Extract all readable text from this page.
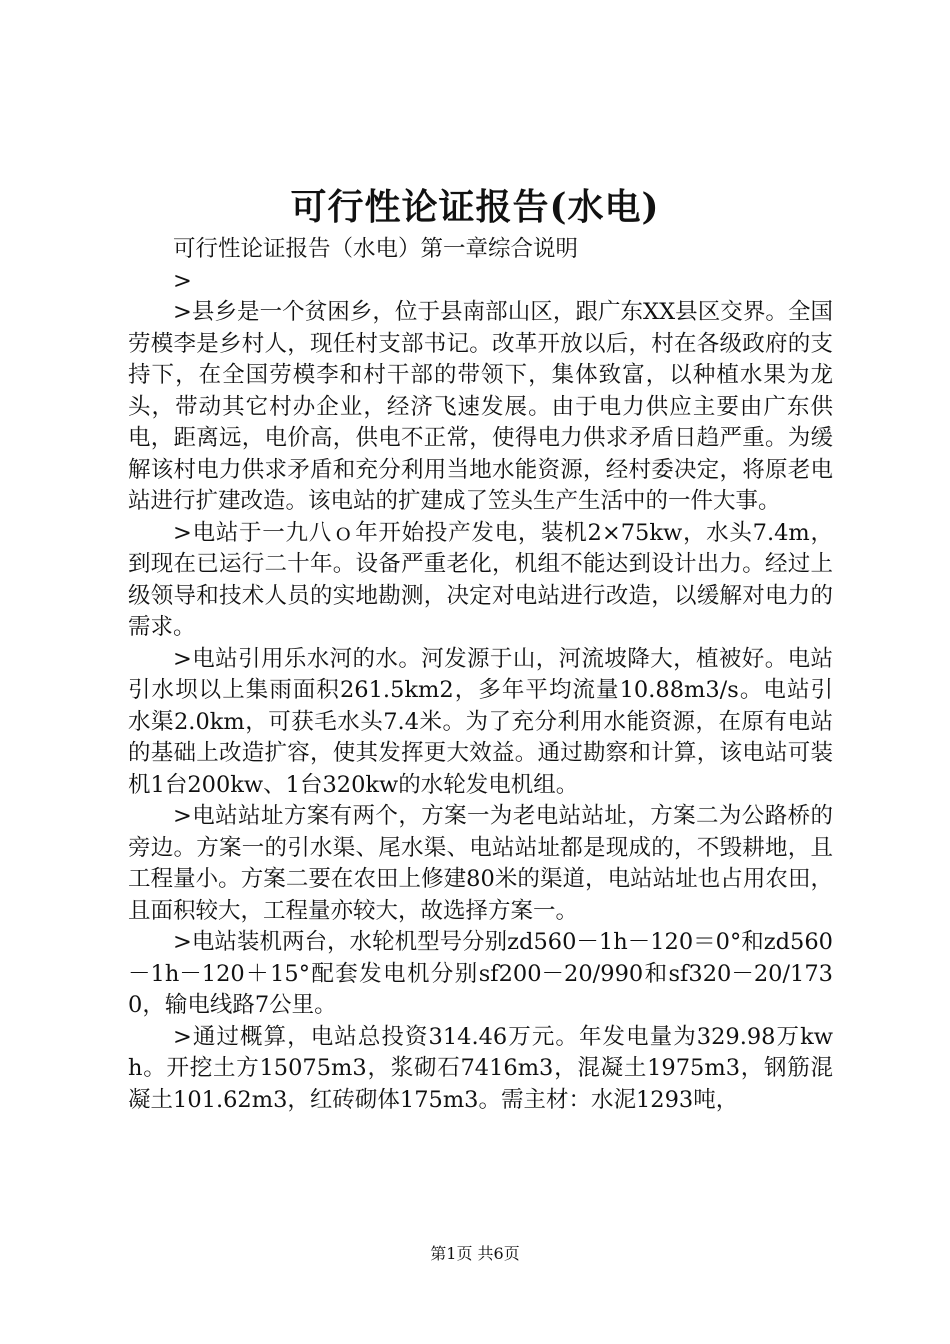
可行性论证报告(水电)

可行性论证报告（水电）第一章综合说明

>

>县乡是一个贫困乡，位于县南部山区，跟广东XX县区交界。全国劳模李是乡村人，现任村支部书记。改革开放以后，村在各级政府的支持下，在全国劳模李和村干部的带领下，集体致富，以种植水果为龙头，带动其它村办企业，经济飞速发展。由于电力供应主要由广东供电，距离远，电价高，供电不正常，使得电力供求矛盾日趋严重。为缓解该村电力供求矛盾和充分利用当地水能资源，经村委决定，将原老电站进行扩建改造。该电站的扩建成了笠头生产生活中的一件大事。

>电站于一九八ｏ年开始投产发电，装机2×75kw，水头7.4m，到现在已运行二十年。设备严重老化，机组不能达到设计出力。经过上级领导和技术人员的实地勘测，决定对电站进行改造，以缓解对电力的需求。

>电站引用乐水河的水。河发源于山，河流坡降大，植被好。电站引水坝以上集雨面积261.5km2，多年平均流量10.88m3/s。电站引水渠2.0km，可获毛水头7.4米。为了充分利用水能资源，在原有电站的基础上改造扩容，使其发挥更大效益。通过勘察和计算，该电站可装机1台200kw、1台320kw的水轮发电机组。

>电站站址方案有两个，方案一为老电站站址，方案二为公路桥的旁边。方案一的引水渠、尾水渠、电站站址都是现成的，不毁耕地，且工程量小。方案二要在农田上修建80米的渠道，电站站址也占用农田，且面积较大，工程量亦较大，故选择方案一。

>电站装机两台，水轮机型号分别zd560－1h－120＝0°和zd560－1h－120＋15°配套发电机分别sf200－20/990和sf320－20/1730，输电线路7公里。

>通过概算，电站总投资314.46万元。年发电量为329.98万kwh。开挖土方15075m3，浆砌石7416m3，混凝土1975m3，钢筋混凝土101.62m3，红砖砌体175m3。需主材：水泥1293吨，

第1页 共6页
